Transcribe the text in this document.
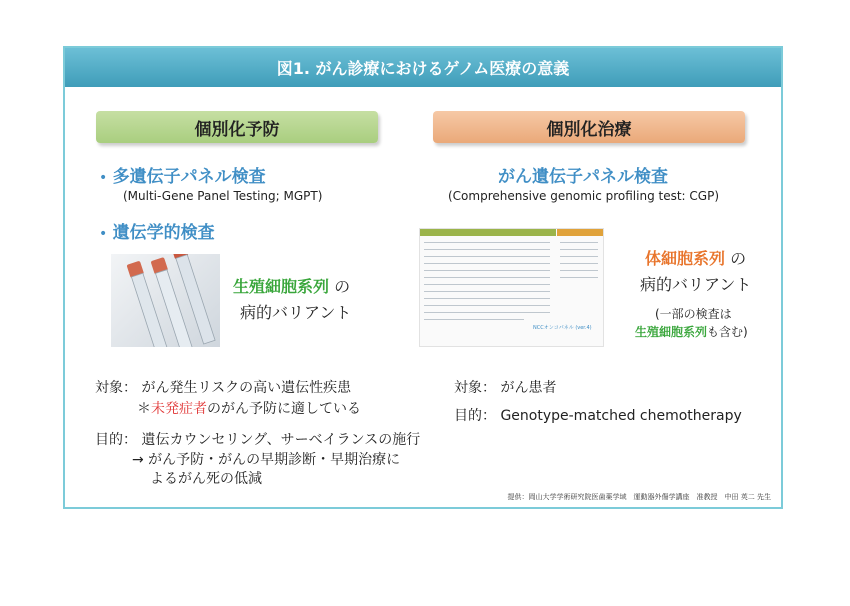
図1. がん診療におけるゲノム医療の意義
個別化予防
• 多遺伝子パネル検査
(Multi-Gene Panel Testing; MGPT)
• 遺伝学的検査
生殖細胞系列 の
病的バリアント
対象： がん発生リスクの高い遺伝性疾患
＊未発症者のがん予防に適している
目的： 遺伝カウンセリング、サーベイランスの施行
→ がん予防・がんの早期診断・早期治療に
よるがん死の低減
個別化治療
がん遺伝子パネル検査
(Comprehensive genomic profiling test: CGP)
NCCオンコパネル (ver.4)
体細胞系列 の
病的バリアント
(一部の検査は
生殖細胞系列も含む)
対象： がん患者
目的： Genotype-matched chemotherapy
提供：岡山大学学術研究院医歯薬学域　運動器外傷学講座　准教授　中田 英二 先生
